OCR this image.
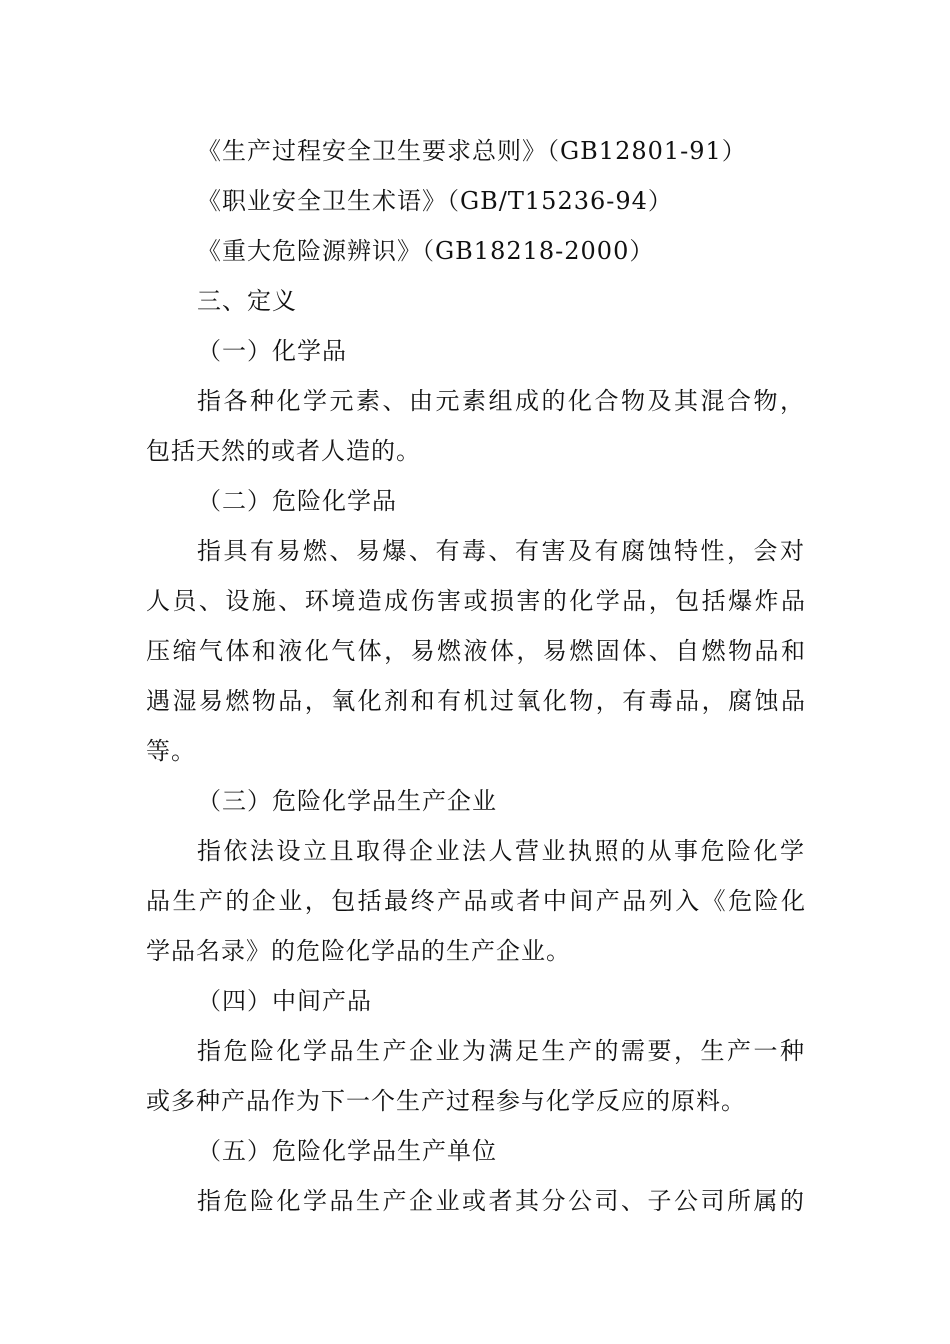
《生产过程安全卫生要求总则》（GB12801-91）
《职业安全卫生术语》（GB/T15236-94）
《重大危险源辨识》（GB18218-2000）
三、定义
（一）化学品
指各种化学元素、由元素组成的化合物及其混合物，
包括天然的或者人造的。
（二）危险化学品
指具有易燃、易爆、有毒、有害及有腐蚀特性，会对
人员、设施、环境造成伤害或损害的化学品，包括爆炸品
压缩气体和液化气体，易燃液体，易燃固体、自燃物品和
遇湿易燃物品，氧化剂和有机过氧化物，有毒品，腐蚀品
等。
（三）危险化学品生产企业
指依法设立且取得企业法人营业执照的从事危险化学
品生产的企业，包括最终产品或者中间产品列入《危险化
学品名录》的危险化学品的生产企业。
（四）中间产品
指危险化学品生产企业为满足生产的需要，生产一种
或多种产品作为下一个生产过程参与化学反应的原料。
（五）危险化学品生产单位
指危险化学品生产企业或者其分公司、子公司所属的
